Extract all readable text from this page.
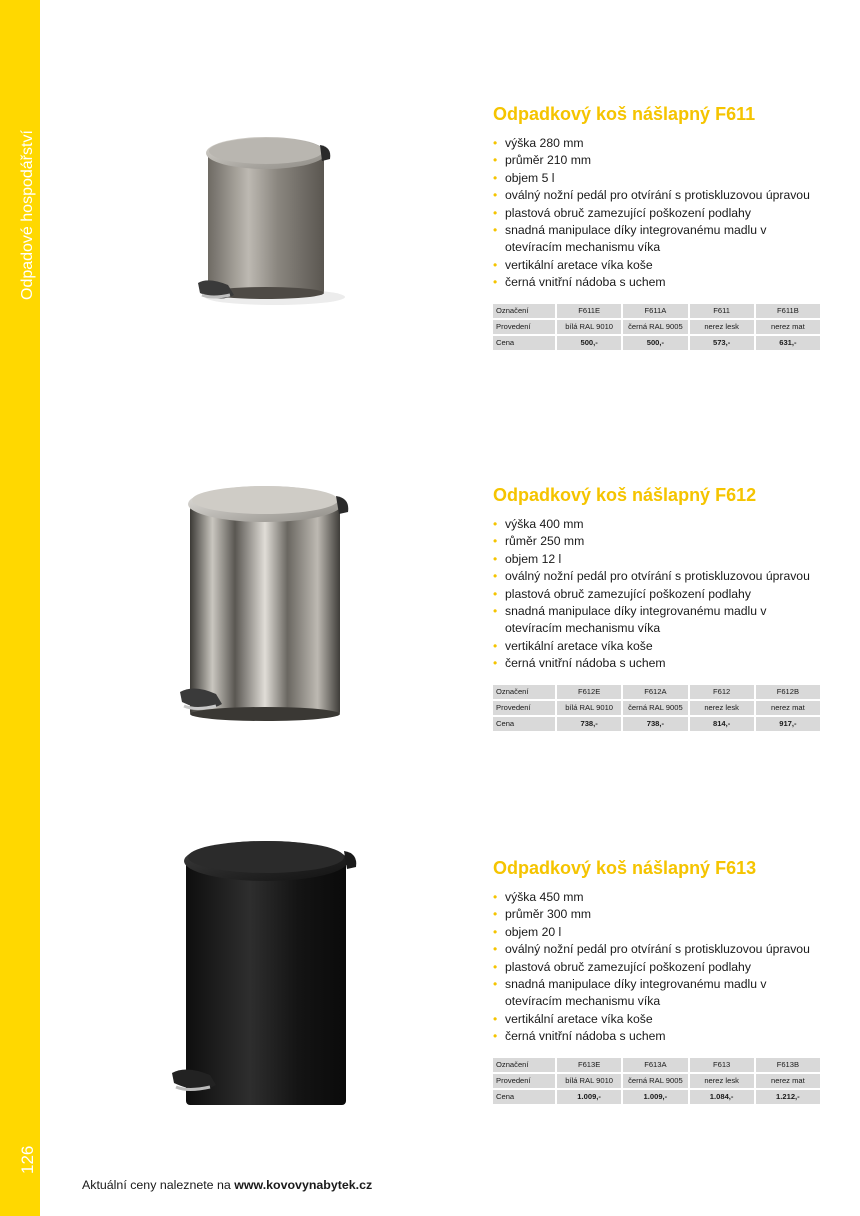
Odpadové hospodářství
126
Odpadkový koš nášlapný F611
• výška 280 mm
• průměr 210 mm
• objem 5 l
• oválný nožní pedál pro otvírání s protiskluzovou úpravou
• plastová obruč zamezující poškození podlahy
• snadná manipulace díky integrovanému madlu v otevíracím mechanismu víka
• vertikální aretace víka koše
• černá vnitřní nádoba s uchem
Označení	F611E	F611A	F611	F611B
Provedení	bílá RAL 9010	černá RAL 9005	nerez lesk	nerez mat
Cena	500,-	500,-	573,-	631,-
Odpadkový koš nášlapný F612
• výška 400 mm
• růměr 250 mm
• objem 12 l
• oválný nožní pedál pro otvírání s protiskluzovou úpravou
• plastová obruč zamezující poškození podlahy
• snadná manipulace díky integrovanému madlu v otevíracím mechanismu víka
• vertikální aretace víka koše
• černá vnitřní nádoba s uchem
Označení	F612E	F612A	F612	F612B
Provedení	bílá RAL 9010	černá RAL 9005	nerez lesk	nerez mat
Cena	738,-	738,-	814,-	917,-
Odpadkový koš nášlapný F613
• výška 450 mm
• průměr 300 mm
• objem 20 l
• oválný nožní pedál pro otvírání s protiskluzovou úpravou
• plastová obruč zamezující poškození podlahy
• snadná manipulace díky integrovanému madlu v otevíracím mechanismu víka
• vertikální aretace víka koše
• černá vnitřní nádoba s uchem
Označení	F613E	F613A	F613	F613B
Provedení	bílá RAL 9010	černá RAL 9005	nerez lesk	nerez mat
Cena	1.009,-	1.009,-	1.084,-	1.212,-
Aktuální ceny naleznete na www.kovovynabytek.cz
